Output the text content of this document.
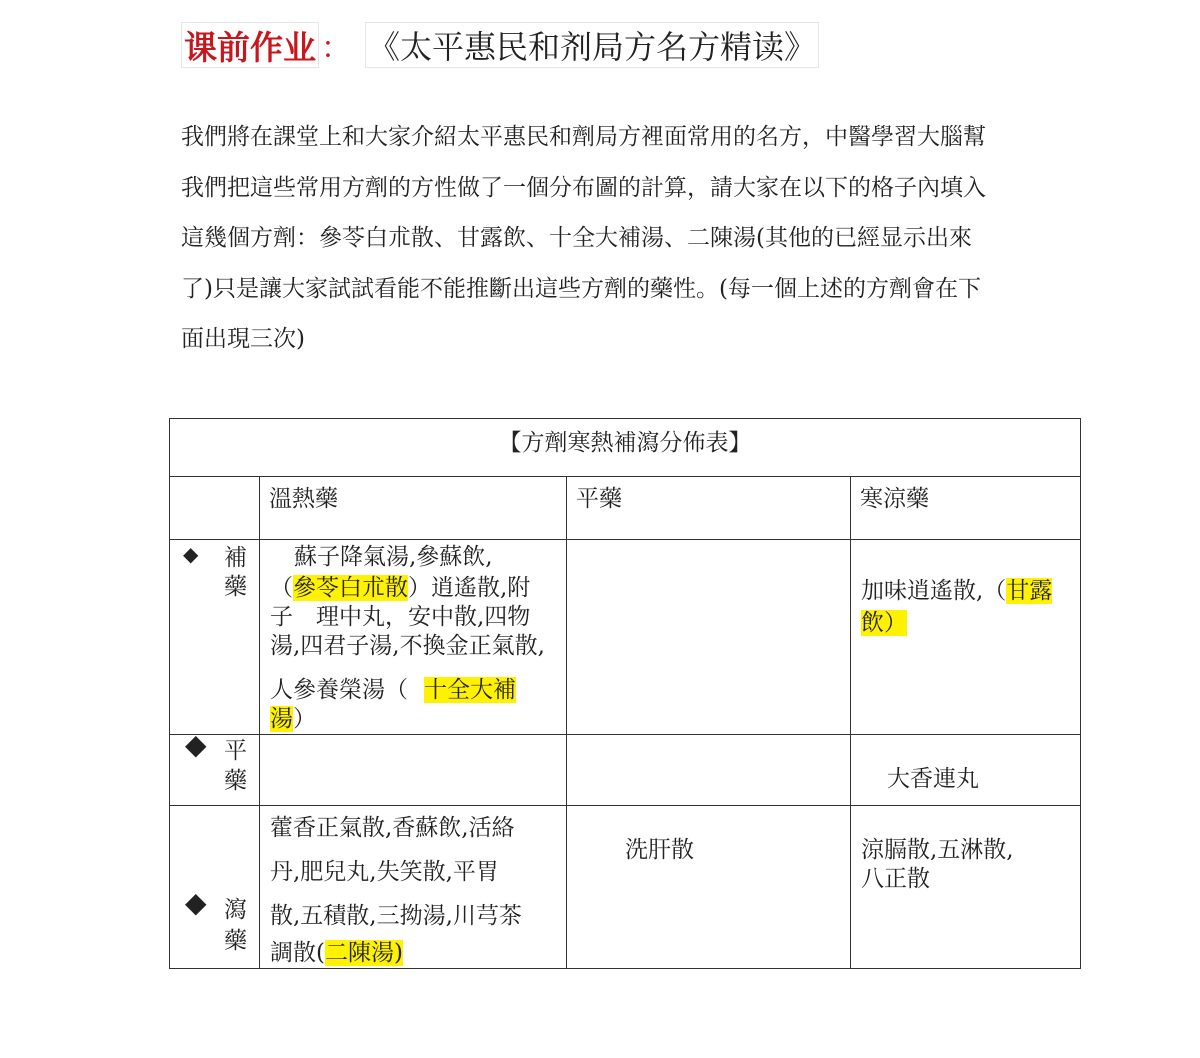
课前作业 ： 《太平惠民和剂局方名方精读》

我們將在課堂上和大家介紹太平惠民和劑局方裡面常用的名方，中醫學習大腦幫

我們把這些常用方劑的方性做了一個分布圖的計算，請大家在以下的格子內填入

這幾個方劑：參苓白朮散、甘露飲、十全大補湯、二陳湯(其他的已經显示出來

了)只是讓大家試試看能不能推斷出這些方劑的藥性。(每一個上述的方劑會在下

面出現三次)

【方劑寒熱補瀉分佈表】			

	溫熱藥	平藥	寒涼藥

◆ 補
藥	蘇子降氣湯,參蘇飲,
（參苓白朮散）逍遙散,附
子　理中丸，安中散,四物
湯,四君子湯,不換金正氣散,
人參養榮湯（ 十全大補湯）		加味逍遙散,（甘露
飲）

◆ 平
藥			大香連丸

◆ 瀉
藥	藿香正氣散,香蘇飲,活絡
丹,肥兒丸,失笑散,平胃
散,五積散,三拗湯,川芎茶
調散(二陳湯)	洗肝散	涼膈散,五淋散,
八正散
